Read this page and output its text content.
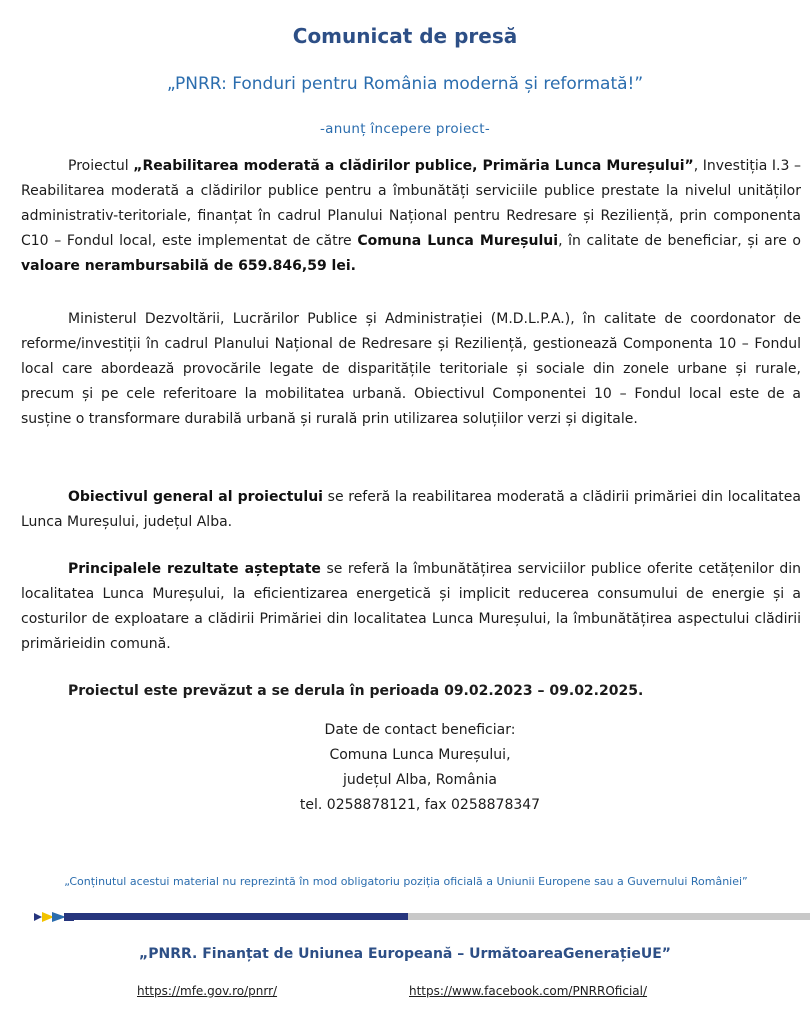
Comunicat de presă
„PNRR: Fonduri pentru România modernă și reformată!”
-anunț începere proiect-

Proiectul „Reabilitarea moderată a clădirilor publice, Primăria Lunca Mureșului”, Investiția I.3 – Reabilitarea moderată a clădirilor publice pentru a îmbunătăți serviciile publice prestate la nivelul unităților administrativ-teritoriale, finanțat în cadrul Planului Național pentru Redresare și Reziliență, prin componenta C10 – Fondul local, este implementat de către Comuna Lunca Mureșului, în calitate de beneficiar, și are o valoare nerambursabilă de 659.846,59 lei.

Ministerul Dezvoltării, Lucrărilor Publice și Administrației (M.D.L.P.A.), în calitate de coordonator de reforme/investiții în cadrul Planului Național de Redresare și Reziliență, gestionează Componenta 10 – Fondul local care abordează provocările legate de disparitățile teritoriale și sociale din zonele urbane și rurale, precum și pe cele referitoare la mobilitatea urbană. Obiectivul Componentei 10 – Fondul local este de a susține o transformare durabilă urbană și rurală prin utilizarea soluțiilor verzi și digitale.

Obiectivul general al proiectului se referă la reabilitarea moderată a clădirii primăriei din localitatea Lunca Mureșului, județul Alba.

Principalele rezultate așteptate se referă la îmbunătățirea serviciilor publice oferite cetățenilor din localitatea Lunca Mureșului, la eficientizarea energetică și implicit reducerea consumului de energie și a costurilor de exploatare a clădirii Primăriei din localitatea Lunca Mureșului, la îmbunătățirea aspectului clădirii primărieidin comună.

Proiectul este prevăzut a se derula în perioada 09.02.2023 – 09.02.2025.

Date de contact beneficiar:
Comuna Lunca Mureșului,
județul Alba, România
tel. 0258878121, fax 0258878347
„Conținutul acestui material nu reprezintă în mod obligatoriu poziția oficială a Uniunii Europene sau a Guvernului României”
„PNRR. Finanțat de Uniunea Europeană – UrmătoareaGenerațieUE”
https://mfe.gov.ro/pnrr/	https://www.facebook.com/PNRROficial/
